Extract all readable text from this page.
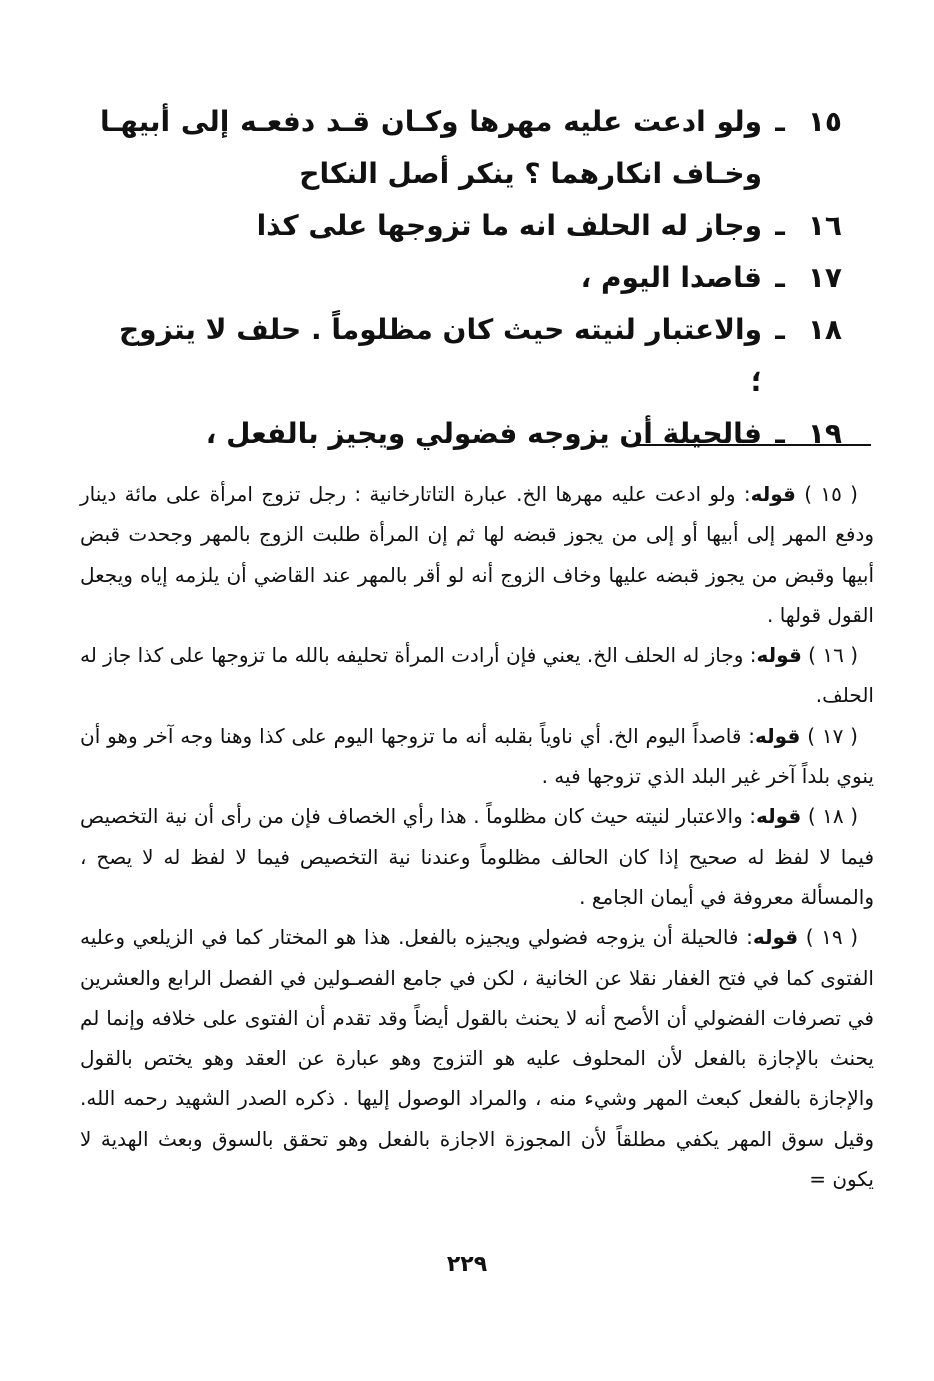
١٥
ـ
ولو ادعت عليه مهرها وكـان قـد دفعـه إلى أبيهـا وخـاف انكارهما ؟ ينكر أصل النكاح
١٦
ـ
وجاز له الحلف انه ما تزوجها على كذا
١٧
ـ
قاصدا اليوم ،
١٨
ـ
والاعتبار لنيته حيث كان مظلوماً . حلف لا يتزوج ؛
١٩
ـ
فالحيلة أن يزوجه فضولي ويجيز بالفعل ،

( ١٥ ) قوله: ولو ادعت عليه مهرها الخ. عبارة التاتارخانية : رجل تزوج امرأة على مائة دينار ودفع المهر إلى أبيها أو إلى من يجوز قبضه لها ثم إن المرأة طلبت الزوج بالمهر وجحدت قبض أبيها وقبض من يجوز قبضه عليها وخاف الزوج أنه لو أقر بالمهر عند القاضي أن يلزمه إياه ويجعل القول قولها .

( ١٦ ) قوله: وجاز له الحلف الخ. يعني فإن أرادت المرأة تحليفه بالله ما تزوجها على كذا جاز له الحلف.

( ١٧ ) قوله: قاصداً اليوم الخ. أي ناوياً بقلبه أنه ما تزوجها اليوم على كذا وهنا وجه آخر وهو أن ينوي بلداً آخر غير البلد الذي تزوجها فيه .

( ١٨ ) قوله: والاعتبار لنيته حيث كان مظلوماً . هذا رأي الخصاف فإن من رأى أن نية التخصيص فيما لا لفظ له صحيح إذا كان الحالف مظلوماً وعندنا نية التخصيص فيما لا لفظ له لا يصح ، والمسألة معروفة في أيمان الجامع .

( ١٩ ) قوله: فالحيلة أن يزوجه فضولي ويجيزه بالفعل. هذا هو المختار كما في الزيلعي وعليه الفتوى كما في فتح الغفار نقلا عن الخانية ، لكن في جامع الفصـولين في الفصل الرابع والعشرين في تصرفات الفضولي أن الأصح أنه لا يحنث بالقول أيضاً وقد تقدم أن الفتوى على خلافه وإنما لم يحنث بالإجازة بالفعل لأن المحلوف عليه هو التزوج وهو عبارة عن العقد وهو يختص بالقول والإجازة بالفعل كبعث المهر وشيء منه ، والمراد الوصول إليها . ذكره الصدر الشهيد رحمه الله. وقيل سوق المهر يكفي مطلقاً لأن المجوزة الاجازة بالفعل وهو تحقق بالسوق وبعث الهدية لا يكون =

٢٢٩
